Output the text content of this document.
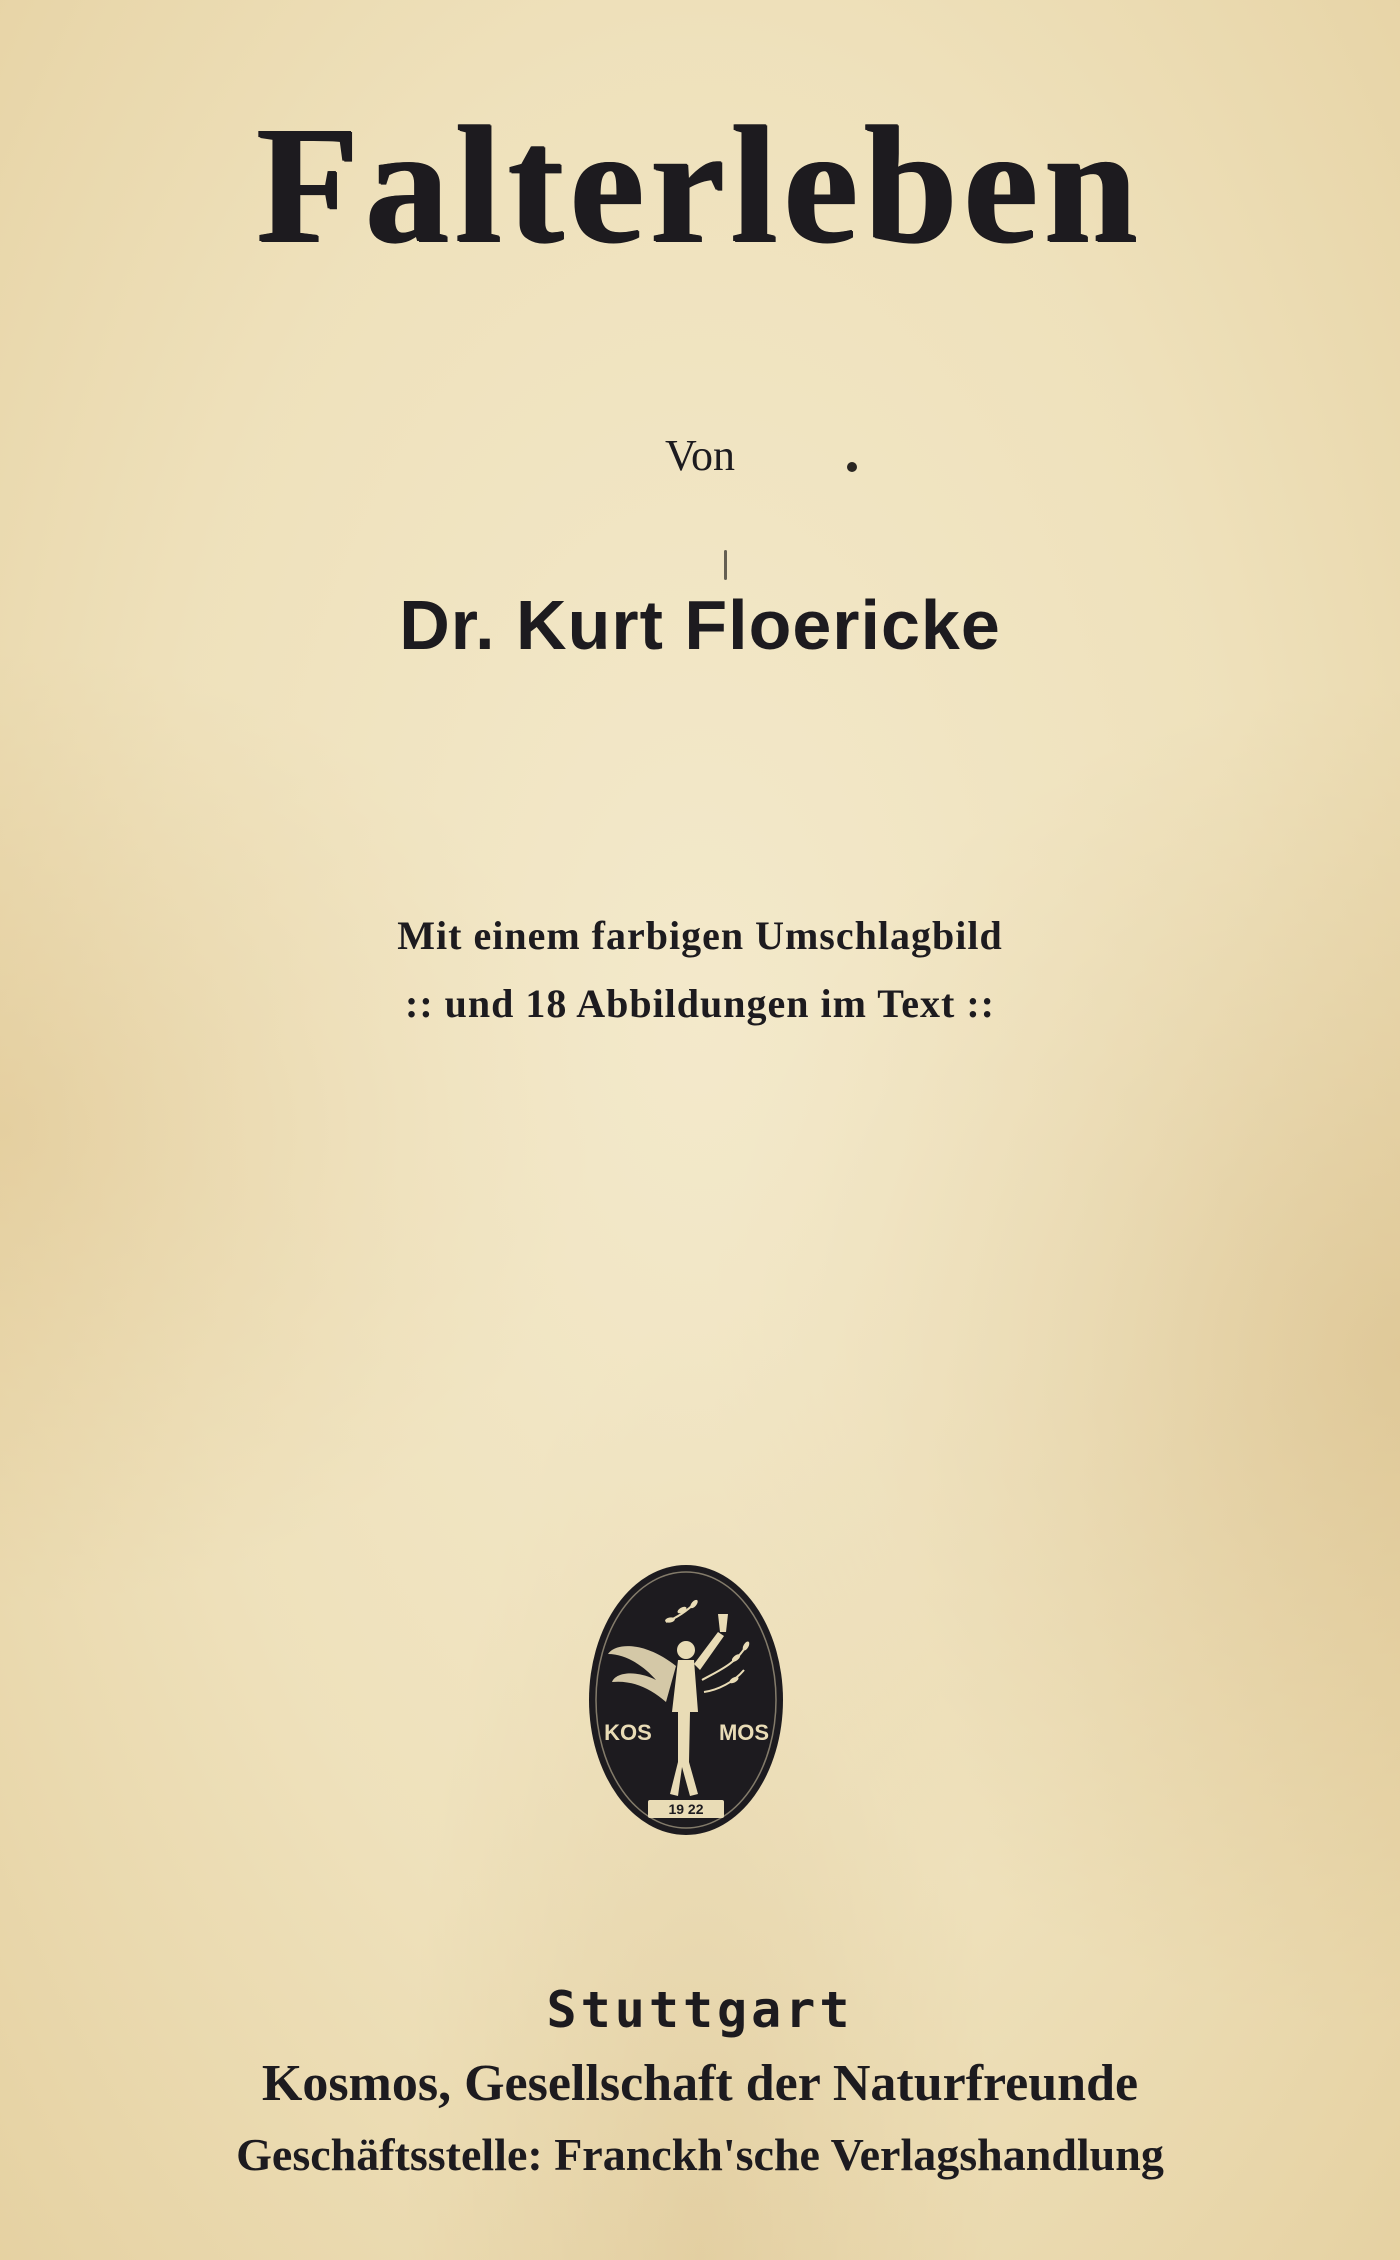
Falterleben
Von
Dr. Kurt Floericke
Mit einem farbigen Umschlagbild
:: und 18 Abbildungen im Text ::
KOS	MOS
19 22
Stuttgart
Kosmos, Gesellschaft der Naturfreunde
Geschäftsstelle: Franckh'sche Verlagshandlung
